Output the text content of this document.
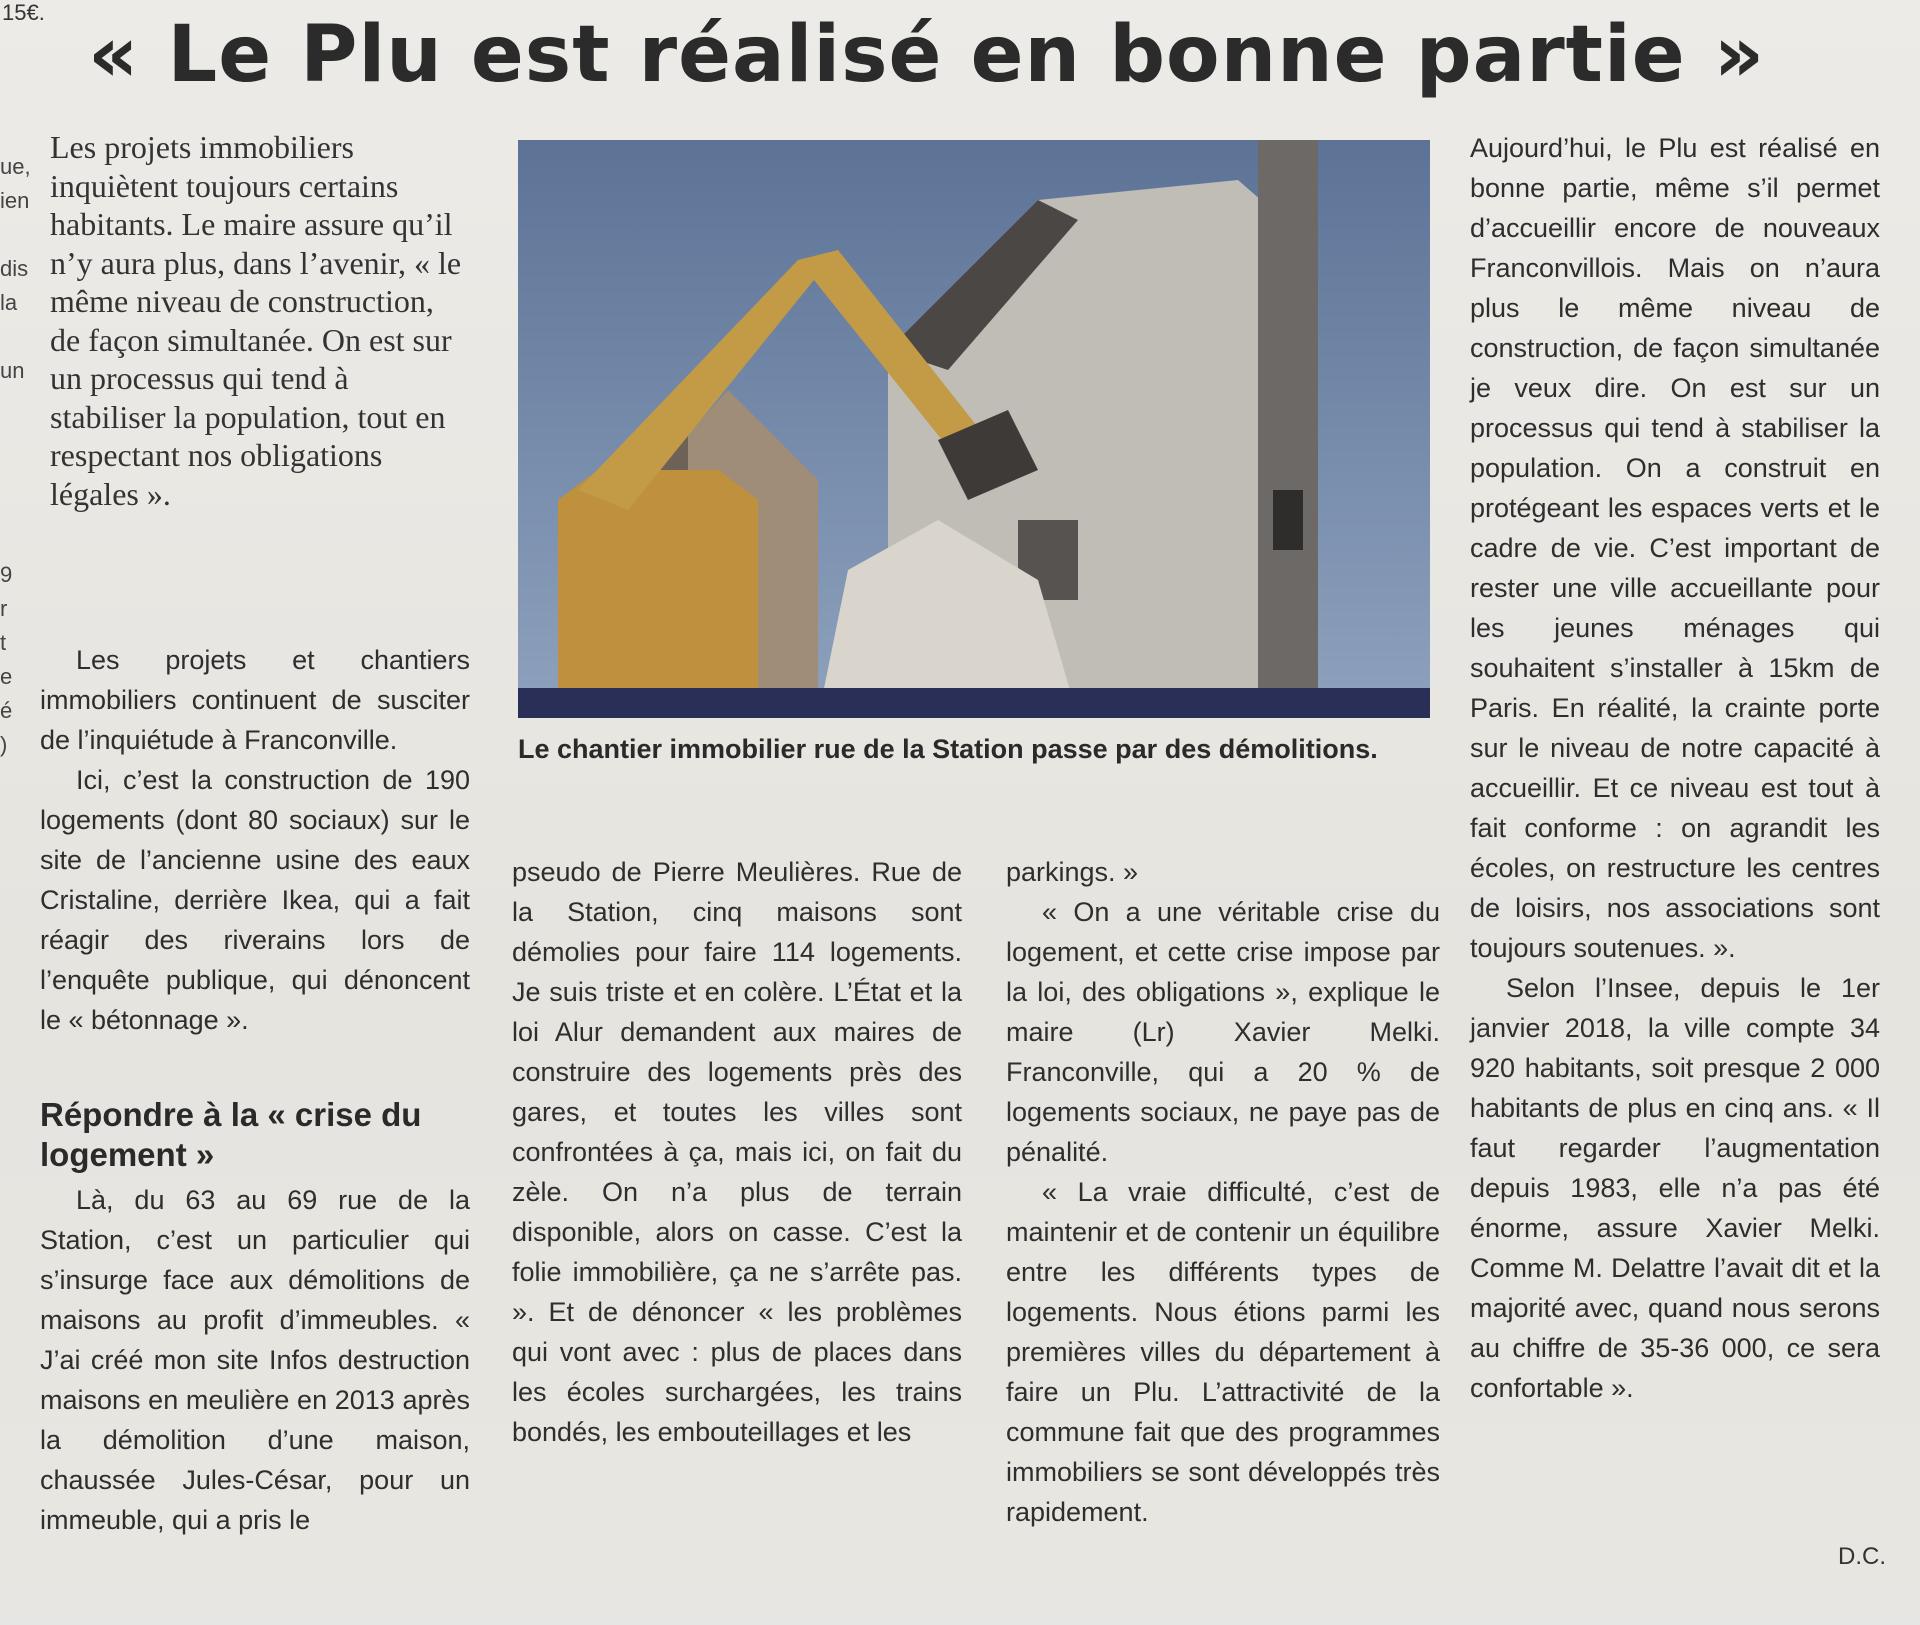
15€. « Le Plu est réalisé en bonne partie »
ue,
ien
dis
la
un
9
r
t
e
é
)
Les projets immobiliers inquiètent toujours certains habitants. Le maire assure qu’il n’y aura plus, dans l’avenir, « le même niveau de construction, de façon simultanée. On est sur un processus qui tend à stabiliser la population, tout en respectant nos obligations légales ».
Le chantier immobilier rue de la Station passe par des démolitions.

Les projets et chantiers immobiliers continuent de susciter de l’inquiétude à Franconville.

Ici, c’est la construction de 190 logements (dont 80 sociaux) sur le site de l’ancienne usine des eaux Cristaline, derrière Ikea, qui a fait réagir des riverains lors de l’enquête publique, qui dénoncent le « bétonnage ».

Répondre à la « crise du logement »

Là, du 63 au 69 rue de la Station, c’est un particulier qui s’insurge face aux démolitions de maisons au profit d’immeubles. « J’ai créé mon site Infos destruction maisons en meulière en 2013 après la démolition d’une maison, chaussée Jules-César, pour un immeuble, qui a pris le

pseudo de Pierre Meulières. Rue de la Station, cinq maisons sont démolies pour faire 114 logements. Je suis triste et en colère. L’État et la loi Alur demandent aux maires de construire des logements près des gares, et toutes les villes sont confrontées à ça, mais ici, on fait du zèle. On n’a plus de terrain disponible, alors on casse. C’est la folie immobilière, ça ne s’arrête pas. ». Et de dénoncer « les problèmes qui vont avec : plus de places dans les écoles surchargées, les trains bondés, les embouteillages et les

parkings. »

« On a une véritable crise du logement, et cette crise impose par la loi, des obligations », explique le maire (Lr) Xavier Melki. Franconville, qui a 20 % de logements sociaux, ne paye pas de pénalité.

« La vraie difficulté, c’est de maintenir et de contenir un équilibre entre les différents types de logements. Nous étions parmi les premières villes du département à faire un Plu. L’attractivité de la commune fait que des programmes immobiliers se sont développés très rapidement.

Aujourd’hui, le Plu est réalisé en bonne partie, même s’il permet d’accueillir encore de nouveaux Franconvillois. Mais on n’aura plus le même niveau de construction, de façon simultanée je veux dire. On est sur un processus qui tend à stabiliser la population. On a construit en protégeant les espaces verts et le cadre de vie. C’est important de rester une ville accueillante pour les jeunes ménages qui souhaitent s’installer à 15km de Paris. En réalité, la crainte porte sur le niveau de notre capacité à accueillir. Et ce niveau est tout à fait conforme : on agrandit les écoles, on restructure les centres de loisirs, nos associations sont toujours soutenues. ».

Selon l’Insee, depuis le 1er janvier 2018, la ville compte 34 920 habitants, soit presque 2 000 habitants de plus en cinq ans. « Il faut regarder l’augmentation depuis 1983, elle n’a pas été énorme, assure Xavier Melki. Comme M. Delattre l’avait dit et la majorité avec, quand nous serons au chiffre de 35-36 000, ce sera confortable ».

D.C.
